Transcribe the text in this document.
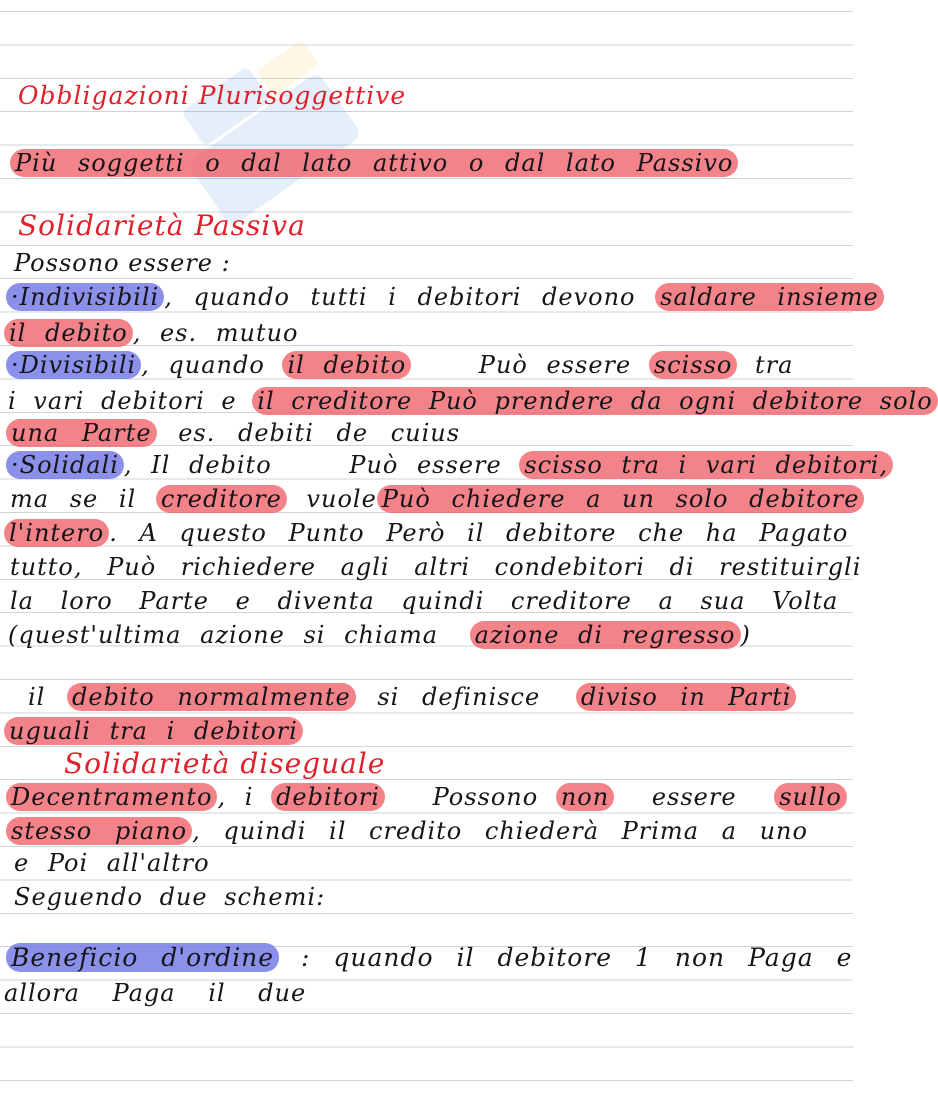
Obbligazioni Plurisoggettive
Più soggetti o dal lato attivo o dal lato Passivo
Solidarietà Passiva
Possono essere :
·Indivisibili , quando tutti i debitori devono saldare insieme
il debito , es. mutuo
·Divisibili , quando il debito	Può essere scisso tra
i vari debitori e il creditore Può prendere da ogni debitore solo
una Parte es. debiti de cuius
·Solidali , Il debito	Può essere scisso tra i vari debitori,
ma se il creditore vuole Può chiedere a un solo debitore
l'intero . A questo Punto Però il debitore che ha Pagato
tutto, Può richiedere agli altri condebitori di restituirgli
la loro Parte e diventa quindi creditore a sua Volta
(quest'ultima azione si chiama azione di regresso )
il debito normalmente si definisce diviso in Parti
uguali tra i debitori
Solidarietà diseguale
Decentramento , i debitori Possono non essere sullo
stesso piano , quindi il credito chiederà Prima a uno
e Poi all'altro
Seguendo due schemi:
Beneficio d'ordine : quando il debitore 1 non Paga e
allora Paga il due
